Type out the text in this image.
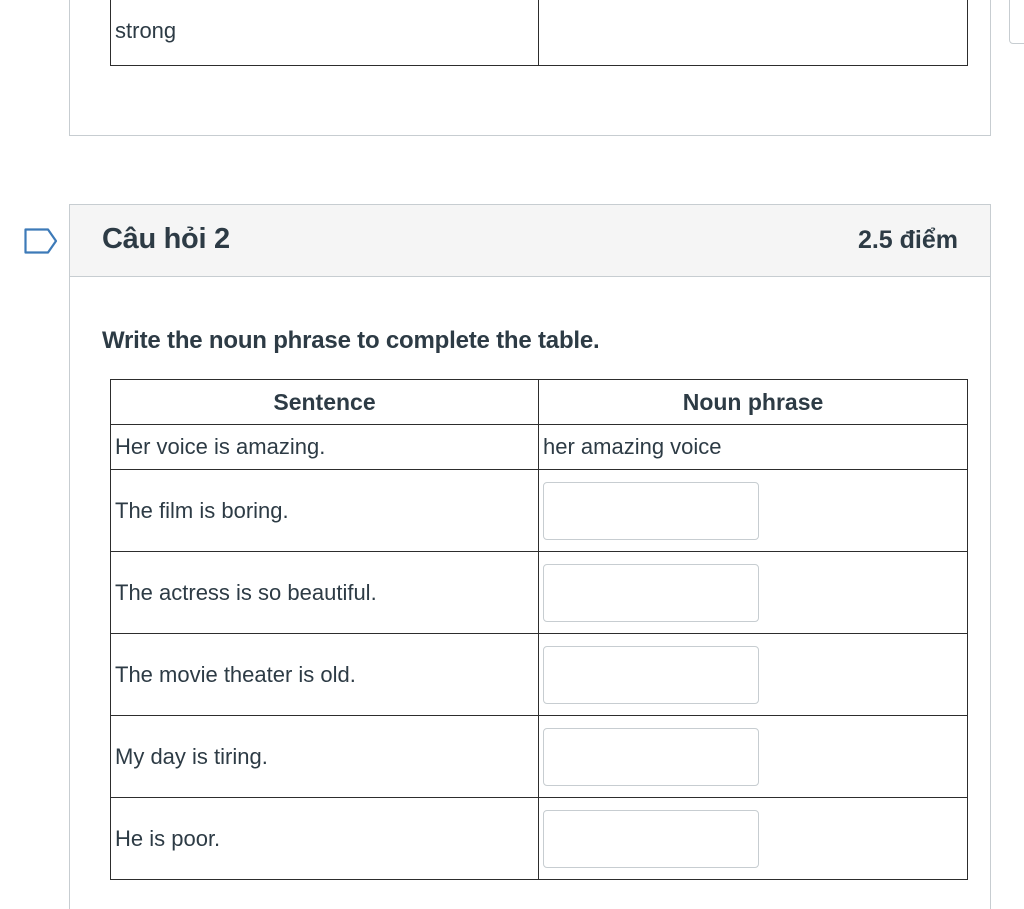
strong	
Câu hỏi 2	2.5 điểm
Write the noun phrase to complete the table.
Sentence	Noun phrase
Her voice is amazing.	her amazing voice
The film is boring.	

The actress is so beautiful.	

The movie theater is old.	

My day is tiring.	

He is poor.	
